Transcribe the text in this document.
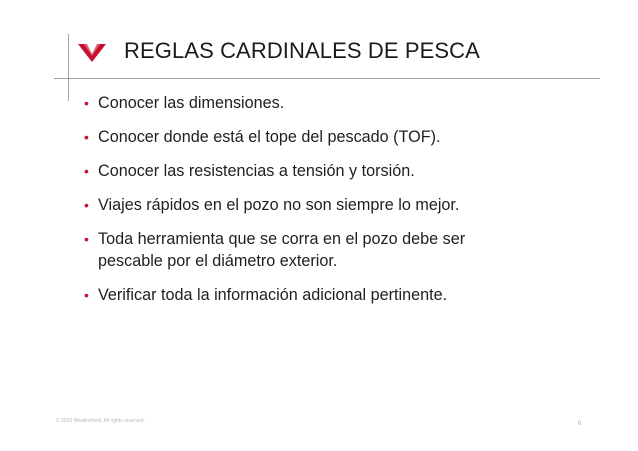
REGLAS CARDINALES DE PESCA
• Conocer las dimensiones.
• Conocer donde está el tope del pescado (TOF).
• Conocer las resistencias a tensión y torsión.
• Viajes rápidos en el pozo no son siempre lo mejor.
• Toda herramienta que se corra en el pozo debe ser
pescable por el diámetro exterior.
• Verificar toda la información adicional pertinente.
© 2010 Weatherford. All rights reserved.	6
